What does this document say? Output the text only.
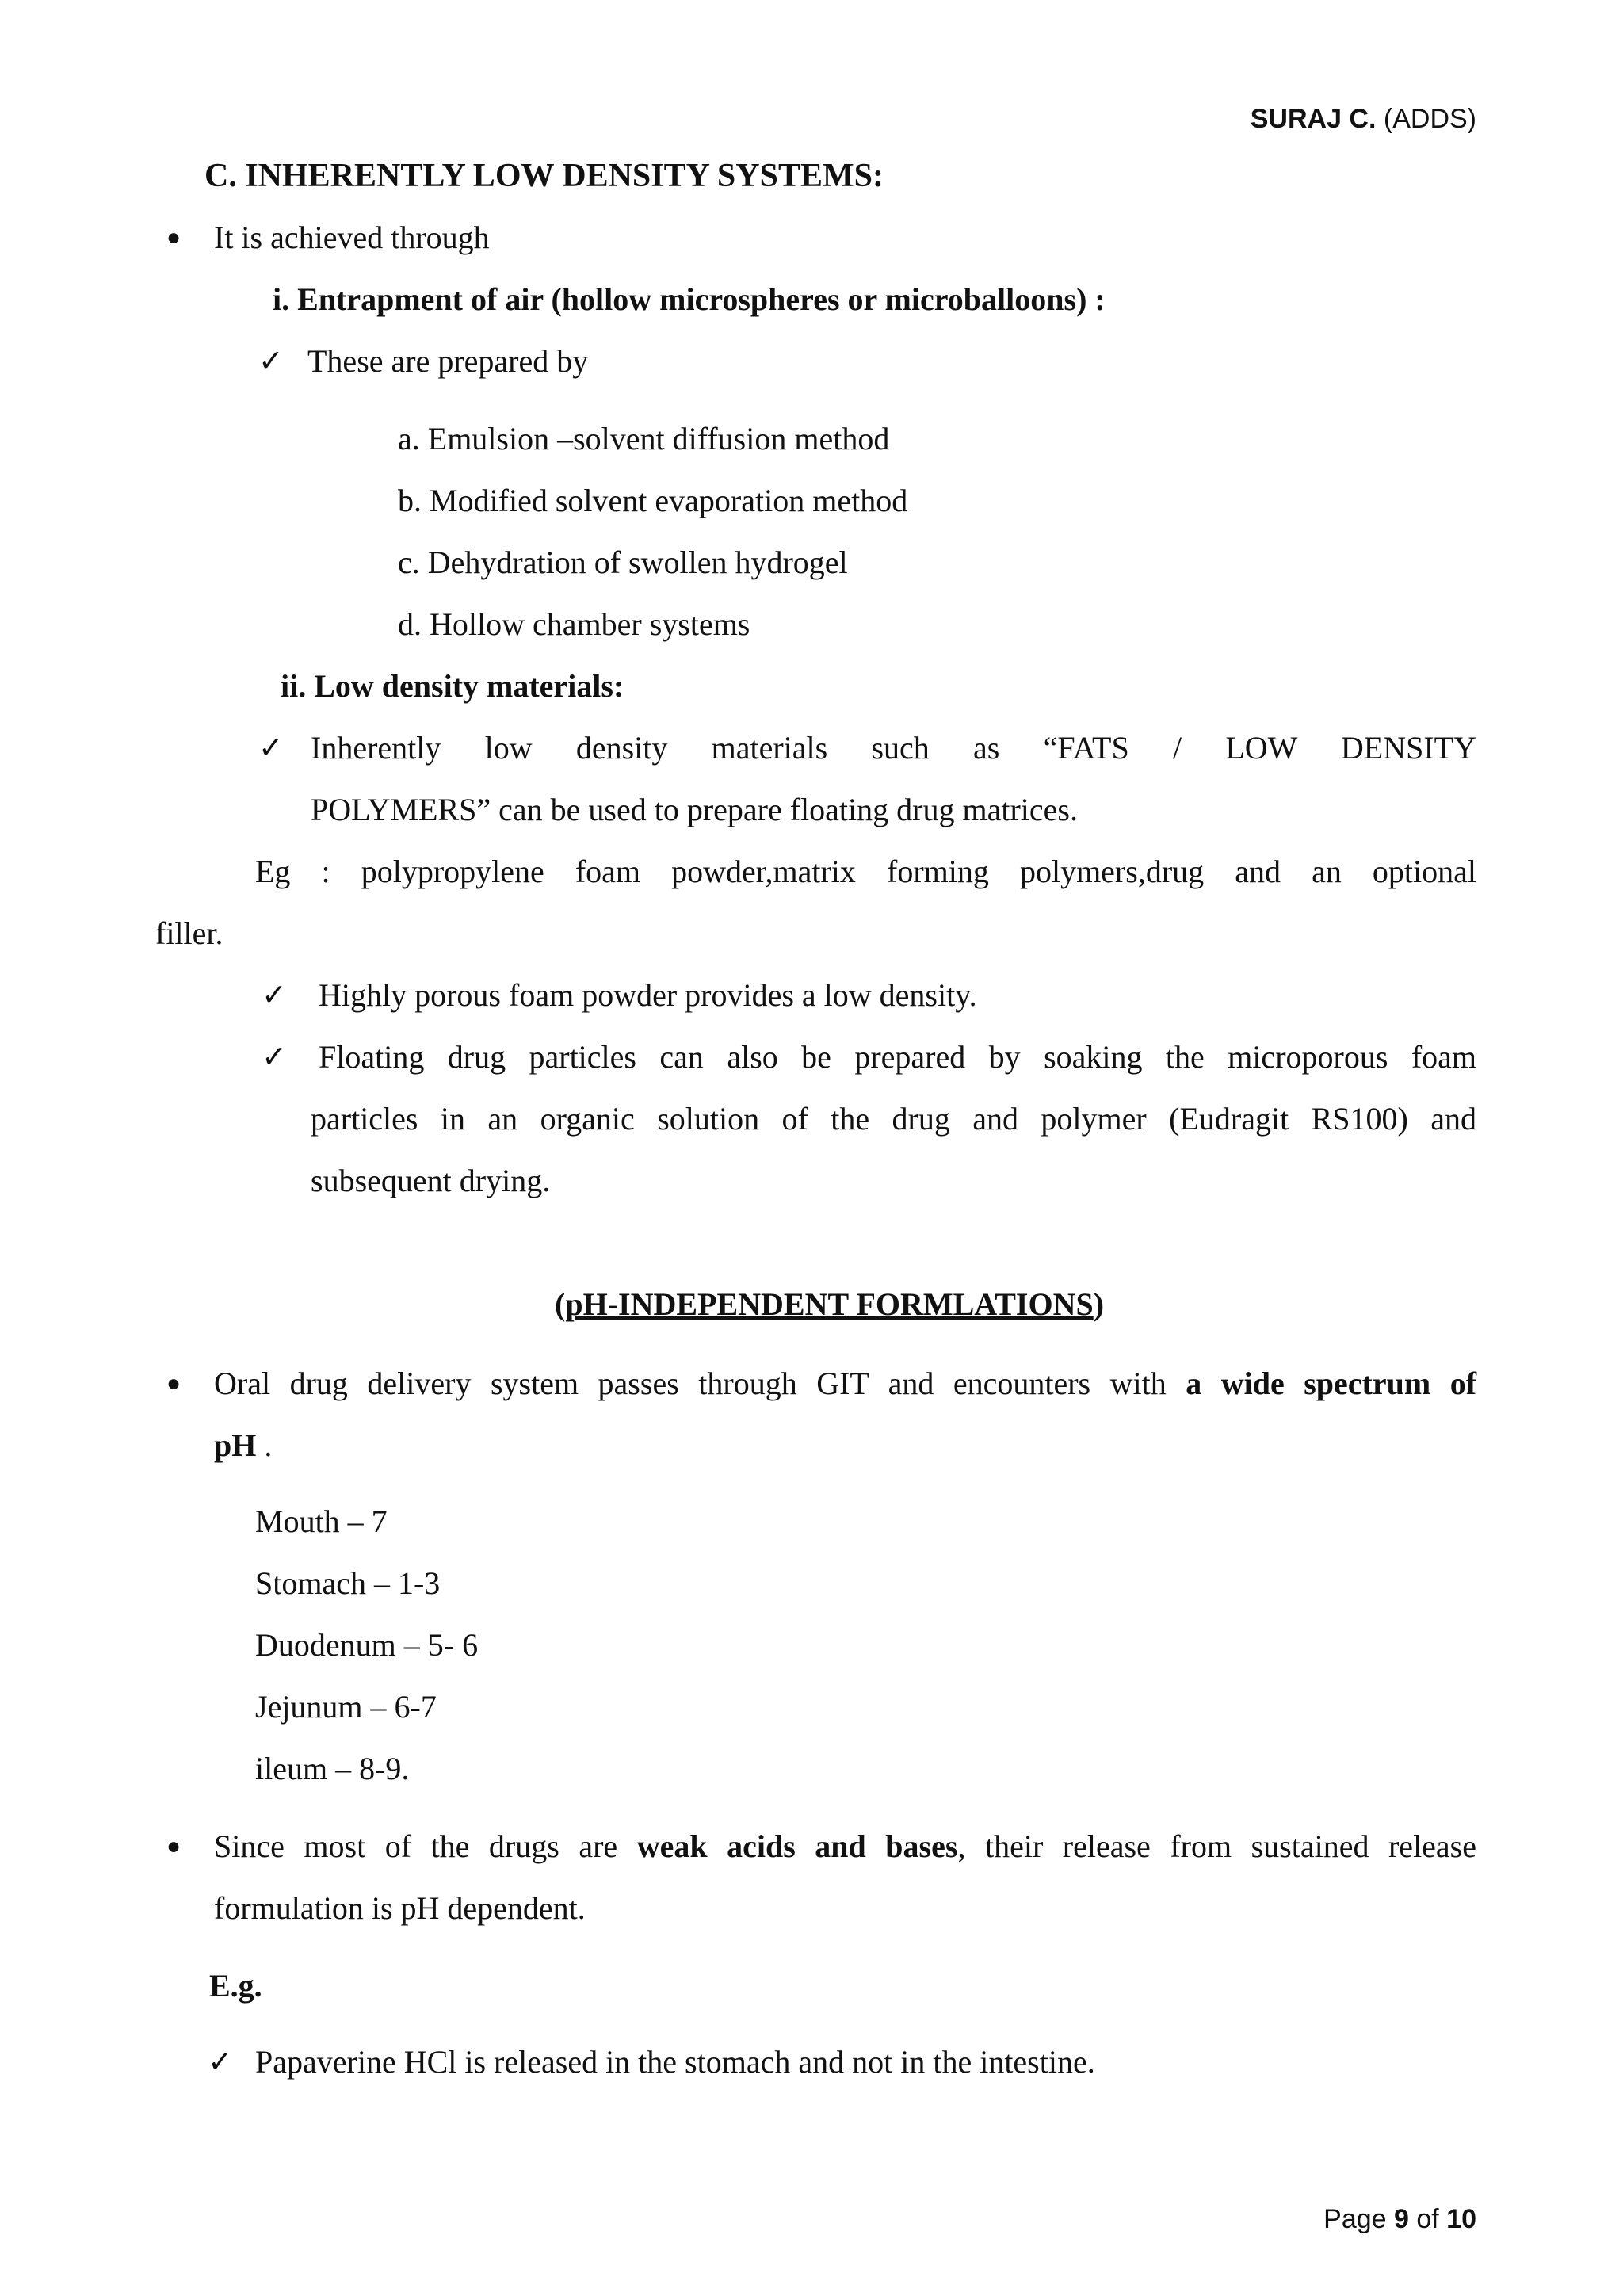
SURAJ C. (ADDS)
C. INHERENTLY LOW DENSITY SYSTEMS:
● It is achieved through
i. Entrapment of air (hollow microspheres or microballoons) :
✓ These are prepared by
a. Emulsion –solvent diffusion method
b. Modified solvent evaporation method
c. Dehydration of swollen hydrogel
d. Hollow chamber systems
ii. Low density materials:
✓ Inherently low density materials such as “FATS / LOW DENSITY
POLYMERS” can be used to prepare floating drug matrices.
Eg : polypropylene foam powder,matrix forming polymers,drug and an optional
filler.
✓ Highly porous foam powder provides a low density.
✓ Floating drug particles can also be prepared by soaking the microporous foam
particles in an organic solution of the drug and polymer (Eudragit RS100) and
subsequent drying.
(pH-INDEPENDENT FORMLATIONS)
● Oral drug delivery system passes through GIT and encounters with a wide spectrum of
pH .
Mouth – 7
Stomach – 1-3
Duodenum – 5- 6
Jejunum – 6-7
ileum – 8-9.
● Since most of the drugs are weak acids and bases, their release from sustained release
formulation is pH dependent.
E.g.
✓ Papaverine HCl is released in the stomach and not in the intestine.
Page 9 of 10
